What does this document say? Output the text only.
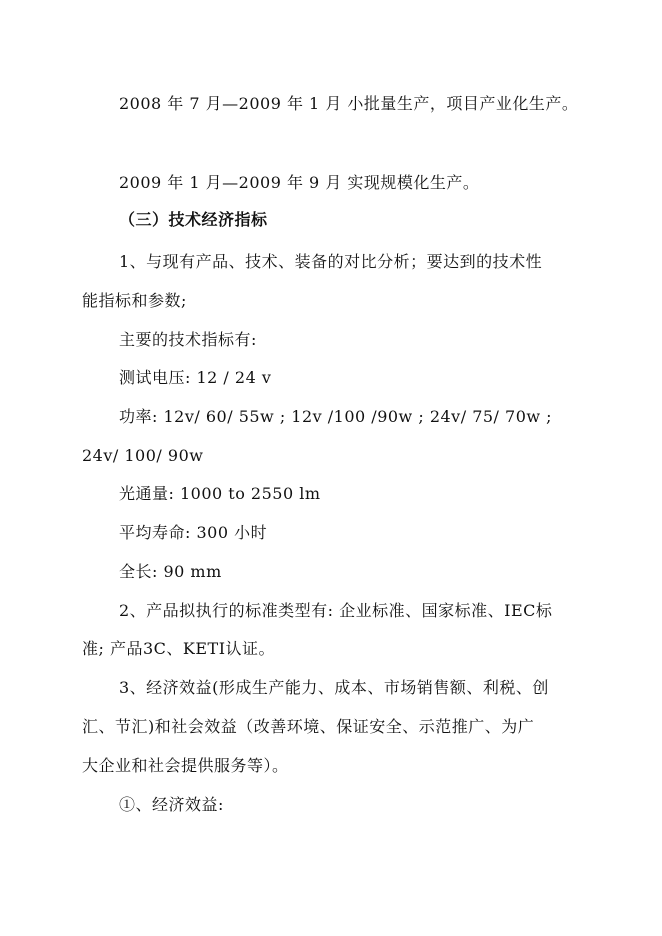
2008 年 7 月—2009 年 1 月 小批量生产，项目产业化生产。
2009 年 1 月—2009 年 9 月 实现规模化生产。
（三）技术经济指标
1、与现有产品、技术、装备的对比分析；要达到的技术性
能指标和参数;
主要的技术指标有:
测试电压: 12 / 24 v
功率: 12v/ 60/ 55w ; 12v /100 /90w ; 24v/ 75/ 70w ;
24v/ 100/ 90w
光通量: 1000 to 2550 lm
平均寿命: 300 小时
全长: 90 mm
2、产品拟执行的标准类型有: 企业标准、国家标准、IEC标
准; 产品3C、KETI认证。
3、经济效益(形成生产能力、成本、市场销售额、利税、创
汇、节汇)和社会效益（改善环境、保证安全、示范推广、为广
大企业和社会提供服务等）。
①、经济效益:
